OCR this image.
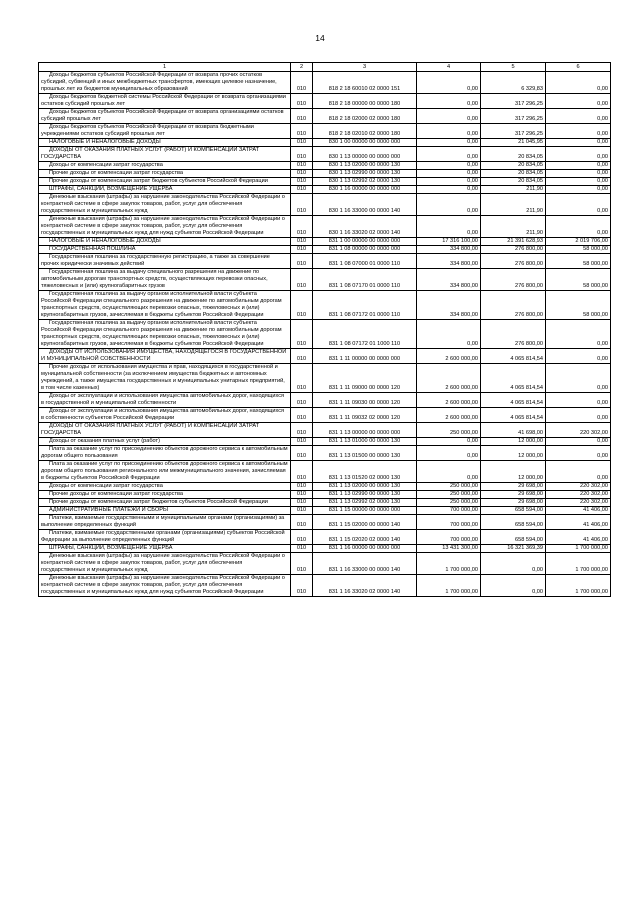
14
1	2	3	4	5	6
Доходы бюджетов субъектов Российской Федерации от возврата прочих остатков субсидий, субвенций и иных межбюджетных трансфертов, имеющих целевое назначение, прошлых лет из бюджетов муниципальных образований	010	818 2 18 60010 02 0000 151	0,00	6 329,83	0,00
Доходы бюджетов бюджетной системы Российской Федерации от возврата организациями остатков субсидий прошлых лет	010	818 2 18 00000 00 0000 180	0,00	317 296,25	0,00
Доходы бюджетов субъектов Российской Федерации от возврата организациями остатков субсидий прошлых лет	010	818 2 18 02000 02 0000 180	0,00	317 296,25	0,00
Доходы бюджетов субъектов Российской Федерации от возврата бюджетными учреждениями остатков субсидий прошлых лет	010	818 2 18 02010 02 0000 180	0,00	317 296,25	0,00
НАЛОГОВЫЕ И НЕНАЛОГОВЫЕ ДОХОДЫ	010	830 1 00 00000 00 0000 000	0,00	21 045,95	0,00
ДОХОДЫ ОТ ОКАЗАНИЯ ПЛАТНЫХ УСЛУГ (РАБОТ) И КОМПЕНСАЦИИ ЗАТРАТ ГОСУДАРСТВА	010	830 1 13 00000 00 0000 000	0,00	20 834,05	0,00
Доходы от компенсации затрат государства	010	830 1 13 02000 00 0000 130	0,00	20 834,05	0,00
Прочие доходы от компенсации затрат государства	010	830 1 13 02990 00 0000 130	0,00	20 834,05	0,00
Прочие доходы от компенсации затрат бюджетов субъектов Российской Федерации	010	830 1 13 02992 02 0000 130	0,00	20 834,05	0,00
ШТРАФЫ, САНКЦИИ, ВОЗМЕЩЕНИЕ УЩЕРБА	010	830 1 16 00000 00 0000 000	0,00	211,90	0,00
Денежные взыскания (штрафы) за нарушение законодательства Российской Федерации о контрактной системе в сфере закупок товаров, работ, услуг для обеспечения государственных и муниципальных нужд	010	830 1 16 33000 00 0000 140	0,00	211,90	0,00
Денежные взыскания (штрафы) за нарушение законодательства Российской Федерации о контрактной системе в сфере закупок товаров, работ, услуг для обеспечения государственных и муниципальных нужд для нужд субъектов Российской Федерации	010	830 1 16 33020 02 0000 140	0,00	211,90	0,00
НАЛОГОВЫЕ И НЕНАЛОГОВЫЕ ДОХОДЫ	010	831 1 00 00000 00 0000 000	17 316 100,00	21 391 628,93	2 019 706,00
ГОСУДАРСТВЕННАЯ ПОШЛИНА	010	831 1 08 00000 00 0000 000	334 800,00	276 800,00	58 000,00
Государственная пошлина за государственную регистрацию, а также за совершение прочих юридически значимых действий	010	831 1 08 07000 01 0000 110	334 800,00	276 800,00	58 000,00
Государственная пошлина за выдачу специального разрешения на движение по автомобильным дорогам транспортных средств, осуществляющих перевозки опасных, тяжеловесных и (или) крупногабаритных грузов	010	831 1 08 07170 01 0000 110	334 800,00	276 800,00	58 000,00
Государственная пошлина за выдачу органом исполнительной власти субъекта Российской Федерации специального разрешения на движение по автомобильным дорогам транспортных средств, осуществляющих перевозки опасных, тяжеловесных и (или) крупногабаритных грузов, зачисляемая в бюджеты субъектов Российской Федерации	010	831 1 08 07172 01 0000 110	334 800,00	276 800,00	58 000,00
Государственная пошлина за выдачу органом исполнительной власти субъекта Российской Федерации специального разрешения на движение по автомобильным дорогам транспортных средств, осуществляющих перевозки опасных, тяжеловесных и (или) крупногабаритных грузов, зачисляемая в бюджеты субъектов Российской Федерации	010	831 1 08 07172 01 1000 110	0,00	276 800,00	0,00
ДОХОДЫ ОТ ИСПОЛЬЗОВАНИЯ ИМУЩЕСТВА, НАХОДЯЩЕГОСЯ В ГОСУДАРСТВЕННОЙ И МУНИЦИПАЛЬНОЙ СОБСТВЕННОСТИ	010	831 1 11 00000 00 0000 000	2 600 000,00	4 065 814,54	0,00
Прочие доходы от использования имущества и прав, находящихся в государственной и муниципальной собственности (за исключением имущества бюджетных и автономных учреждений, а также имущества государственных и муниципальных унитарных предприятий, в том числе казенных)	010	831 1 11 09000 00 0000 120	2 600 000,00	4 065 814,54	0,00
Доходы от эксплуатации и использования имущества автомобильных дорог, находящихся в государственной и муниципальной собственности	010	831 1 11 09030 00 0000 120	2 600 000,00	4 065 814,54	0,00
Доходы от эксплуатации и использования имущества автомобильных дорог, находящихся в собственности субъектов Российской Федерации	010	831 1 11 09032 02 0000 120	2 600 000,00	4 065 814,54	0,00
ДОХОДЫ ОТ ОКАЗАНИЯ ПЛАТНЫХ УСЛУГ (РАБОТ) И КОМПЕНСАЦИИ ЗАТРАТ ГОСУДАРСТВА	010	831 1 13 00000 00 0000 000	250 000,00	41 698,00	220 302,00
Доходы от оказания платных услуг (работ)	010	831 1 13 01000 00 0000 130	0,00	12 000,00	0,00
Плата за оказание услуг по присоединению объектов дорожного сервиса к автомобильным дорогам общего пользования	010	831 1 13 01500 00 0000 130	0,00	12 000,00	0,00
Плата за оказание услуг по присоединению объектов дорожного сервиса к автомобильным дорогам общего пользования регионального или межмуниципального значения, зачисляемая в бюджеты субъектов Российской Федерации	010	831 1 13 01520 02 0000 130	0,00	12 000,00	0,00
Доходы от компенсации затрат государства	010	831 1 13 02000 00 0000 130	250 000,00	29 698,00	220 302,00
Прочие доходы от компенсации затрат государства	010	831 1 13 02990 00 0000 130	250 000,00	29 698,00	220 302,00
Прочие доходы от компенсации затрат бюджетов субъектов Российской Федерации	010	831 1 13 02992 02 0000 130	250 000,00	29 698,00	220 302,00
АДМИНИСТРАТИВНЫЕ ПЛАТЕЖИ И СБОРЫ	010	831 1 15 00000 00 0000 000	700 000,00	658 594,00	41 406,00
Платежи, взимаемые государственными и муниципальными органами (организациями) за выполнение определенных функций	010	831 1 15 02000 00 0000 140	700 000,00	658 594,00	41 406,00
Платежи, взимаемые государственными органами (организациями) субъектов Российской Федерации за выполнение определенных функций	010	831 1 15 02020 02 0000 140	700 000,00	658 594,00	41 406,00
ШТРАФЫ, САНКЦИИ, ВОЗМЕЩЕНИЕ УЩЕРБА	010	831 1 16 00000 00 0000 000	13 431 300,00	16 321 369,39	1 700 000,00
Денежные взыскания (штрафы) за нарушение законодательства Российской Федерации о контрактной системе в сфере закупок товаров, работ, услуг для обеспечения государственных и муниципальных нужд	010	831 1 16 33000 00 0000 140	1 700 000,00	0,00	1 700 000,00
Денежные взыскания (штрафы) за нарушение законодательства Российской Федерации о контрактной системе в сфере закупок товаров, работ, услуг для обеспечения государственных и муниципальных нужд для нужд субъектов Российской Федерации	010	831 1 16 33020 02 0000 140	1 700 000,00	0,00	1 700 000,00
